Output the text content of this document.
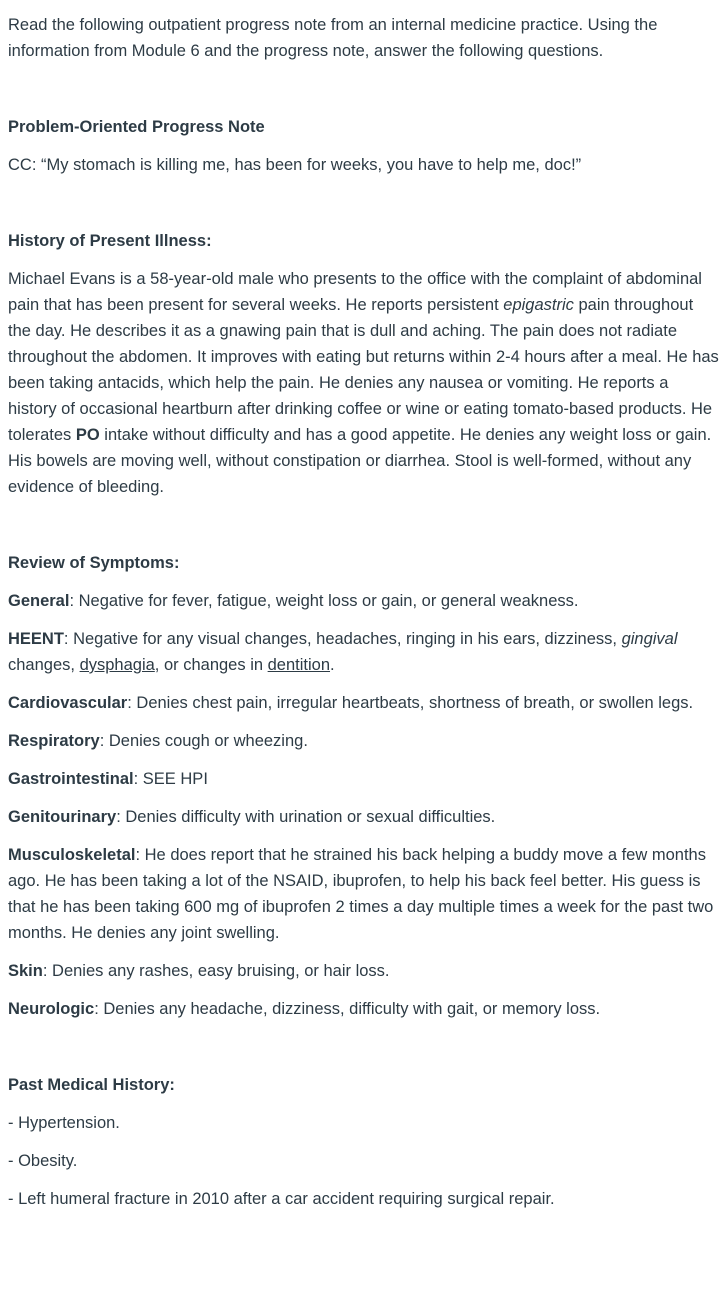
Read the following outpatient progress note from an internal medicine practice. Using the information from Module 6 and the progress note, answer the following questions.

Problem-Oriented Progress Note

CC: “My stomach is killing me, has been for weeks, you have to help me, doc!”

History of Present Illness:

Michael Evans is a 58-year-old male who presents to the office with the complaint of abdominal pain that has been present for several weeks. He reports persistent epigastric pain throughout the day. He describes it as a gnawing pain that is dull and aching. The pain does not radiate throughout the abdomen. It improves with eating but returns within 2-4 hours after a meal. He has been taking antacids, which help the pain. He denies any nausea or vomiting. He reports a history of occasional heartburn after drinking coffee or wine or eating tomato-based products. He tolerates PO intake without difficulty and has a good appetite. He denies any weight loss or gain. His bowels are moving well, without constipation or diarrhea. Stool is well-formed, without any evidence of bleeding.

Review of Symptoms:

General: Negative for fever, fatigue, weight loss or gain, or general weakness.

HEENT: Negative for any visual changes, headaches, ringing in his ears, dizziness, gingival changes, dysphagia, or changes in dentition.

Cardiovascular: Denies chest pain, irregular heartbeats, shortness of breath, or swollen legs.

Respiratory: Denies cough or wheezing.

Gastrointestinal: SEE HPI

Genitourinary: Denies difficulty with urination or sexual difficulties.

Musculoskeletal: He does report that he strained his back helping a buddy move a few months ago. He has been taking a lot of the NSAID, ibuprofen, to help his back feel better. His guess is that he has been taking 600 mg of ibuprofen 2 times a day multiple times a week for the past two months. He denies any joint swelling.

Skin: Denies any rashes, easy bruising, or hair loss.

Neurologic: Denies any headache, dizziness, difficulty with gait, or memory loss.

Past Medical History:

- Hypertension.

- Obesity.

- Left humeral fracture in 2010 after a car accident requiring surgical repair.
